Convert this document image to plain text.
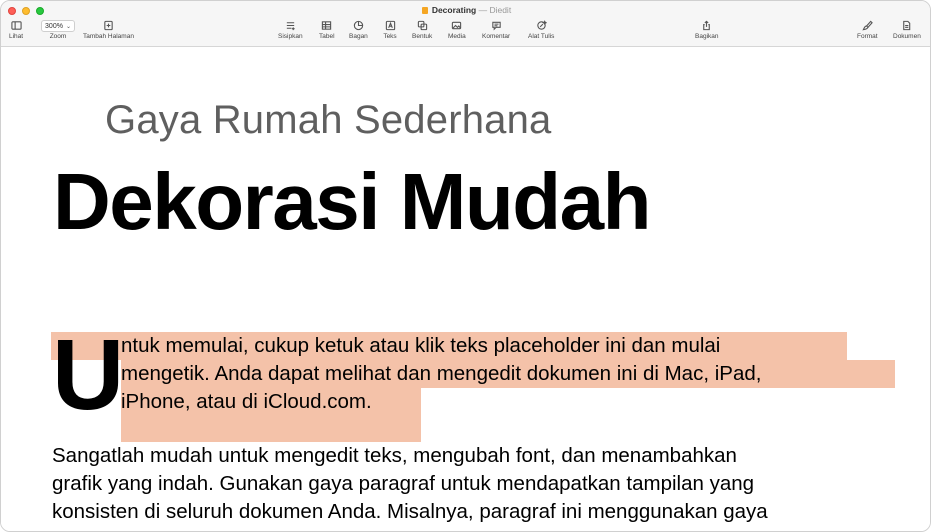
Decorating — Diedit
Lihat
300% ⌄
Zoom	Tambah Halaman	Sisipkan	Tabel Bagan Teks Bentuk Media	Komentar	Alat Tulis	Bagikan	Format Dokumen
Gaya Rumah Sederhana
Dekorasi Mudah
U
ntuk memulai, cukup ketuk atau klik teks placeholder ini dan mulai
mengetik. Anda dapat melihat dan mengedit dokumen ini di Mac, iPad,
iPhone, atau di iCloud.com.
Sangatlah mudah untuk mengedit teks, mengubah font, dan menambahkan
grafik yang indah. Gunakan gaya paragraf untuk mendapatkan tampilan yang
konsisten di seluruh dokumen Anda. Misalnya, paragraf ini menggunakan gaya
